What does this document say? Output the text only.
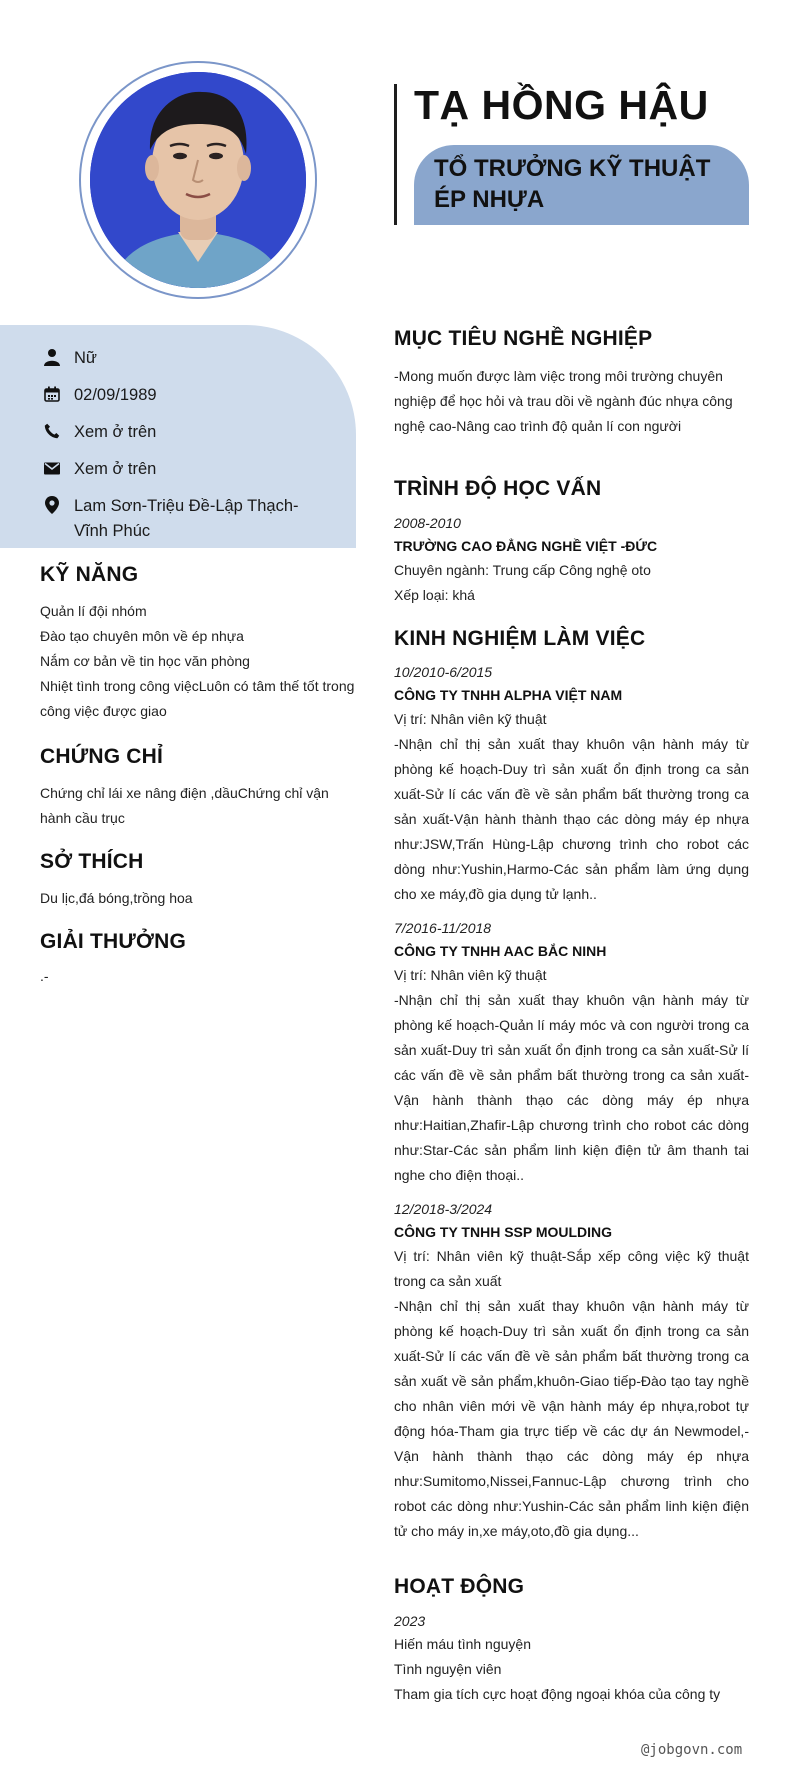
TẠ HỒNG HẬU
TỔ TRƯỞNG KỸ THUẬT ÉP NHỰA
Nữ
02/09/1989
Xem ở trên
Xem ở trên
Lam Sơn-Triệu Đề-Lập Thạch-Vĩnh Phúc
KỸ NĂNG
Quản lí đội nhóm
Đào tạo chuyên môn về ép nhựa
Nắm cơ bản về tin học văn phòng
Nhiệt tình trong công việcLuôn có tâm thế tốt trong công việc được giao
CHỨNG CHỈ
Chứng chỉ lái xe nâng điện ,dầuChứng chỉ vận hành cầu trục
SỞ THÍCH
Du lịc,đá bóng,trồng hoa
GIẢI THƯỞNG
.-
MỤC TIÊU NGHỀ NGHIỆP
-Mong muốn được làm việc trong môi trường chuyên nghiệp để học hỏi và trau dồi về ngành đúc nhựa công nghệ cao-Nâng cao trình độ quản lí con người
TRÌNH ĐỘ HỌC VẤN
2008-2010
TRƯỜNG CAO ĐẲNG NGHỀ VIỆT -ĐỨC
Chuyên ngành: Trung cấp Công nghệ oto
Xếp loại: khá
KINH NGHIỆM LÀM VIỆC
10/2010-6/2015
CÔNG TY TNHH ALPHA VIỆT NAM
Vị trí: Nhân viên kỹ thuật
-Nhận chỉ thị sản xuất thay khuôn vận hành máy từ phòng kế hoạch-Duy trì sản xuất ổn định trong ca sản xuất-Sử lí các vấn đề về sản phẩm bất thường trong ca sản xuất-Vận hành thành thạo các dòng máy ép nhựa như:JSW,Trấn Hùng-Lập chương trình cho robot các dòng như:Yushin,Harmo-Các sản phẩm làm ứng dụng cho xe máy,đồ gia dụng tử lạnh..
7/2016-11/2018
CÔNG TY TNHH AAC BẮC NINH
Vị trí: Nhân viên kỹ thuật
-Nhận chỉ thị sản xuất thay khuôn vận hành máy từ phòng kế hoạch-Quản lí máy móc và con người trong ca sản xuất-Duy trì sản xuất ổn định trong ca sản xuất-Sử lí các vấn đề về sản phẩm bất thường trong ca sản xuất-Vận hành thành thạo các dòng máy ép nhựa như:Haitian,Zhafir-Lập chương trình cho robot các dòng như:Star-Các sản phẩm linh kiện điện tử âm thanh tai nghe cho điện thoại..
12/2018-3/2024
CÔNG TY TNHH SSP MOULDING
Vị trí: Nhân viên kỹ thuật-Sắp xếp công việc kỹ thuật trong ca sản xuất
-Nhận chỉ thị sản xuất thay khuôn vận hành máy từ phòng kế hoạch-Duy trì sản xuất ổn định trong ca sản xuất-Sử lí các vấn đề về sản phẩm bất thường trong ca sản xuất về sản phẩm,khuôn-Giao tiếp-Đào tạo tay nghề cho nhân viên mới về vận hành máy ép nhựa,robot tự động hóa-Tham gia trực tiếp về các dự án Newmodel,-Vận hành thành thạo các dòng máy ép nhựa như:Sumitomo,Nissei,Fannuc-Lập chương trình cho robot các dòng như:Yushin-Các sản phẩm linh kiện điện tử cho máy in,xe máy,oto,đồ gia dụng...
HOẠT ĐỘNG
2023
Hiến máu tình nguyện
Tình nguyện viên
Tham gia tích cực hoạt động ngoại khóa của công ty
@jobgovn.com
